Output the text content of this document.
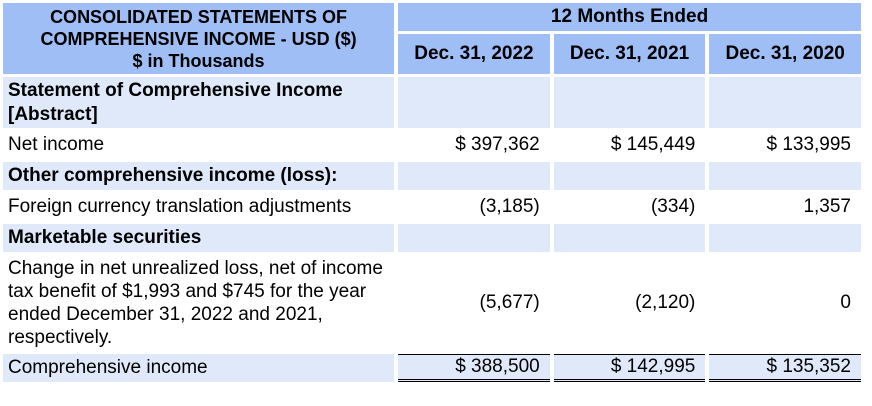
CONSOLIDATED STATEMENTS OF
COMPREHENSIVE INCOME - USD ($)
$ in Thousands	12 Months Ended		
	Dec. 31, 2022	Dec. 31, 2021	Dec. 31, 2020
Statement of Comprehensive Income [Abstract]			
Net income	$ 397,362	$ 145,449	$ 133,995
Other comprehensive income (loss):			
Foreign currency translation adjustments	(3,185)	(334)	1,357
Marketable securities			
Change in net unrealized loss, net of income tax benefit of $1,993 and $745 for the year ended December 31, 2022 and 2021, respectively.	(5,677)	(2,120)	0
Comprehensive income	$ 388,500	$ 142,995	$ 135,352
